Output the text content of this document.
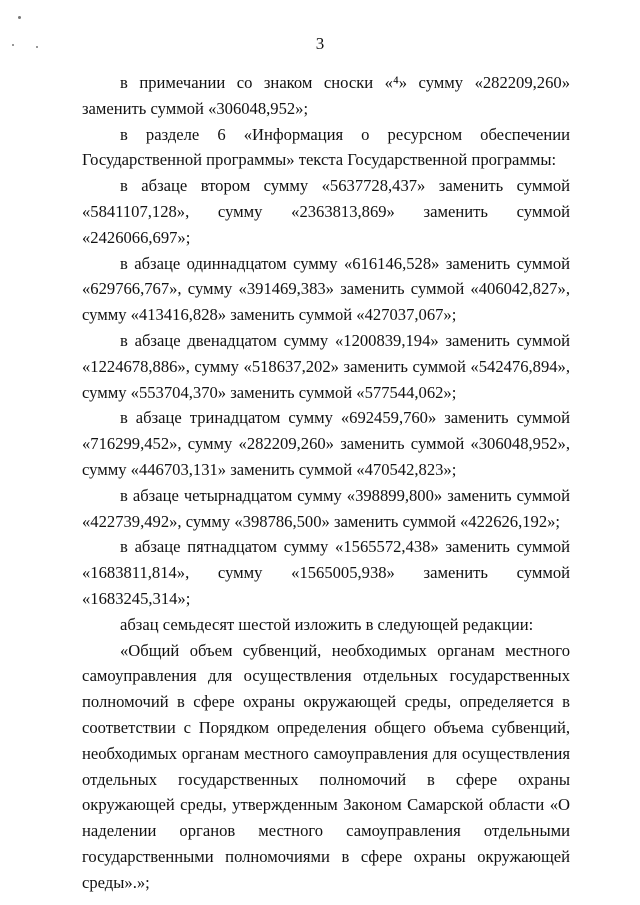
3

в примечании со знаком сноски «⁴» сумму «282209,260» заменить суммой «306048,952»;

в разделе 6 «Информация о ресурсном обеспечении Государственной программы» текста Государственной программы:

в абзаце втором сумму «5637728,437» заменить суммой «5841107,128», сумму «2363813,869» заменить суммой «2426066,697»;

в абзаце одиннадцатом сумму «616146,528» заменить суммой «629766,767», сумму «391469,383» заменить суммой «406042,827», сумму «413416,828» заменить суммой «427037,067»;

в абзаце двенадцатом сумму «1200839,194» заменить суммой «1224678,886», сумму «518637,202» заменить суммой «542476,894», сумму «553704,370» заменить суммой «577544,062»;

в абзаце тринадцатом сумму «692459,760» заменить суммой «716299,452», сумму «282209,260» заменить суммой «306048,952», сумму «446703,131» заменить суммой «470542,823»;

в абзаце четырнадцатом сумму «398899,800» заменить суммой «422739,492», сумму «398786,500» заменить суммой «422626,192»;

в абзаце пятнадцатом сумму «1565572,438» заменить суммой «1683811,814», сумму «1565005,938» заменить суммой «1683245,314»;

абзац семьдесят шестой изложить в следующей редакции:

«Общий объем субвенций, необходимых органам местного самоуправления для осуществления отдельных государственных полномочий в сфере охраны окружающей среды, определяется в соответствии с Порядком определения общего объема субвенций, необходимых органам местного самоуправления для осуществления отдельных государственных полномочий в сфере охраны окружающей среды, утвержденным Законом Самарской области «О наделении органов местного самоуправления отдельными государственными полномочиями в сфере охраны окружающей среды».»;
